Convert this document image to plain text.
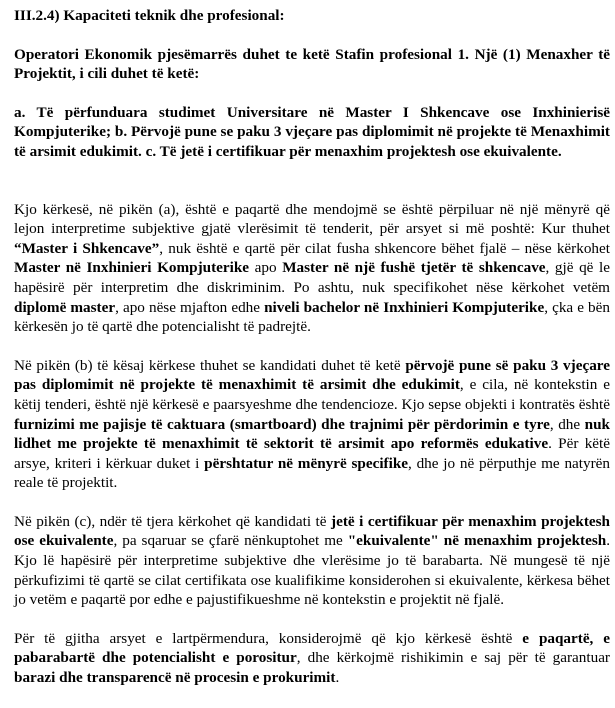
III.2.4) Kapaciteti teknik dhe profesional:

Operatori Ekonomik pjesëmarrës duhet te ketë Stafin profesional 1. Një (1) Menaxher të Projektit, i cili duhet të ketë:

a. Të përfunduara studimet Universitare në Master I Shkencave ose Inxhinierisë Kompjuterike; b. Përvojë pune se paku 3 vjeçare pas diplomimit në projekte të Menaxhimit të arsimit edukimit. c. Të jetë i certifikuar për menaxhim projektesh ose ekuivalente.

Kjo kërkesë, në pikën (a), është e paqartë dhe mendojmë se është përpiluar në një mënyrë që lejon interpretime subjektive gjatë vlerësimit të tenderit, për arsyet si më poshtë: Kur thuhet “Master i Shkencave”, nuk është e qartë për cilat fusha shkencore bëhet fjalë – nëse kërkohet Master në Inxhinieri Kompjuterike apo Master në një fushë tjetër të shkencave, gjë që le hapësirë për interpretim dhe diskriminim. Po ashtu, nuk specifikohet nëse kërkohet vetëm diplomë master, apo nëse mjafton edhe niveli bachelor në Inxhinieri Kompjuterike, çka e bën kërkesën jo të qartë dhe potencialisht të padrejtë.

Në pikën (b) të kësaj kërkese thuhet se kandidati duhet të ketë përvojë pune së paku 3 vjeçare pas diplomimit në projekte të menaxhimit të arsimit dhe edukimit, e cila, në kontekstin e këtij tenderi, është një kërkesë e paarsyeshme dhe tendencioze. Kjo sepse objekti i kontratës është furnizimi me pajisje të caktuara (smartboard) dhe trajnimi për përdorimin e tyre, dhe nuk lidhet me projekte të menaxhimit të sektorit të arsimit apo reformës edukative. Për këtë arsye, kriteri i kërkuar duket i përshtatur në mënyrë specifike, dhe jo në përputhje me natyrën reale të projektit.

Në pikën (c), ndër të tjera kërkohet që kandidati të jetë i certifikuar për menaxhim projektesh ose ekuivalente, pa sqaruar se çfarë nënkuptohet me "ekuivalente" në menaxhim projektesh. Kjo lë hapësirë për interpretime subjektive dhe vlerësime jo të barabarta. Në mungesë të një përkufizimi të qartë se cilat certifikata ose kualifikime konsiderohen si ekuivalente, kërkesa bëhet jo vetëm e paqartë por edhe e pajustifikueshme në kontekstin e projektit në fjalë.

Për të gjitha arsyet e lartpërmendura, konsiderojmë që kjo kërkesë është e paqartë, e pabarabartë dhe potencialisht e porositur, dhe kërkojmë rishikimin e saj për të garantuar barazi dhe transparencë në procesin e prokurimit.
